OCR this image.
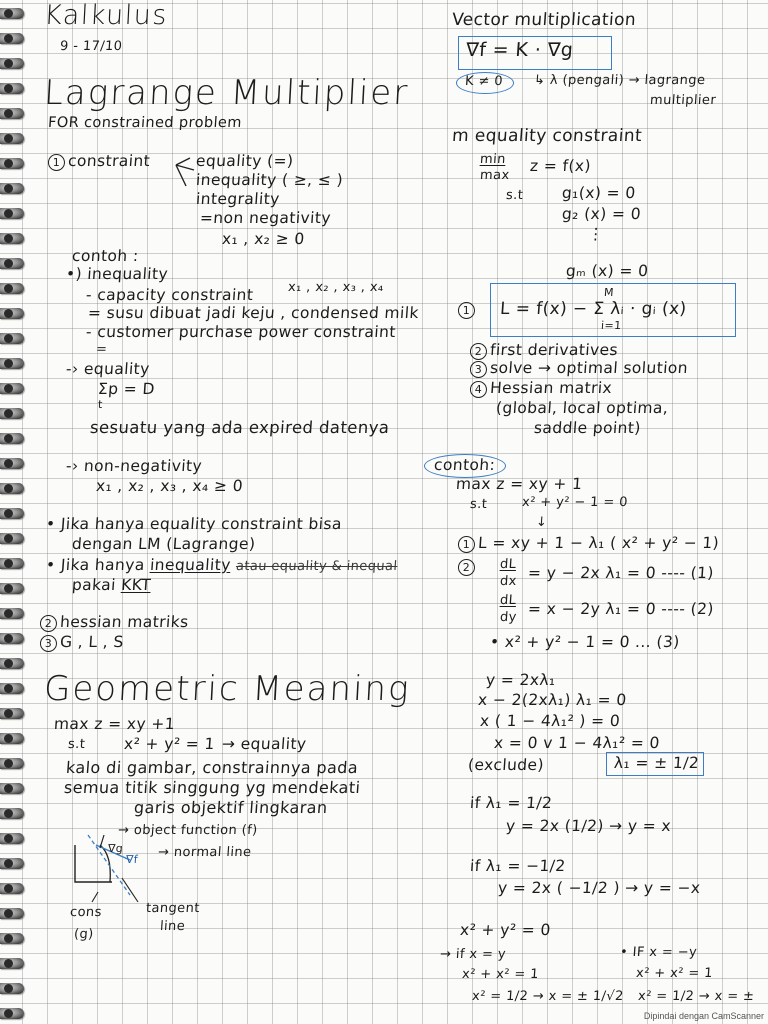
Kalkulus
9 - 17/10
Lagrange Multiplier
FOR constrained problem
1 constraint	equality (=)
inequality ( ≥, ≤ )
integrality
=non negativity
x₁ , x₂ ≥ 0
contoh :
•) inequality
- capacity constraint	x₁ , x₂ , x₃ , x₄
= susu dibuat jadi keju , condensed milk
- customer purchase power constraint
=
-› equality
Σp = D
t
sesuatu yang ada expired datenya
-› non-negativity
x₁ , x₂ , x₃ , x₄ ≥ 0
• Jika hanya equality constraint bisa
dengan LM (Lagrange)
• Jika hanya inequality atau equality & inequal
pakai KKT
2 hessian matriks
3 G , L , S
Geometric Meaning
max z = xy +1
s.t x² + y² = 1 → equality
kalo di gambar, constrainnya pada
semua titik singgung yg mendekati
garis objektif lingkaran
→ object function (f)
→ normal line
∇g
∇f
cons
(g)
tangent
line
Vector multiplication
∇f = K · ∇g
K ≠ 0 ↳ λ (pengali) → lagrange
multiplier
m equality constraint
min
max
z = f(x)
s.t g₁(x) = 0
g₂ (x) = 0
⋮
gₘ (x) = 0
1	L = f(x) − Σ λᵢ · gᵢ (x)
M
i=1
2 first derivatives
3 solve → optimal solution
4 Hessian matrix
(global, local optima,
saddle point)
contoh:
max z = xy + 1
s.t	x² + y² − 1 = 0
↓
1 L = xy + 1 − λ₁ ( x² + y² − 1)
2	dL
dx = y − 2x λ₁ = 0 ---- (1)
dL
dy = x − 2y λ₁ = 0 ---- (2)
• x² + y² − 1 = 0 ... (3)
y = 2xλ₁
x − 2(2xλ₁) λ₁ = 0
x ( 1 − 4λ₁² ) = 0
x = 0 v 1 − 4λ₁² = 0
(exclude)	λ₁ = ± 1/2
if λ₁ = 1/2
y = 2x (1/2) → y = x
if λ₁ = −1/2
y = 2x ( −1/2 ) → y = −x
x² + y² = 0
→ if x = y
x² + x² = 1
x² = 1/2 → x = ± 1/√2
• IF x = −y
x² + x² = 1
x² = 1/2 → x = ±
Dipindai dengan CamScanner
